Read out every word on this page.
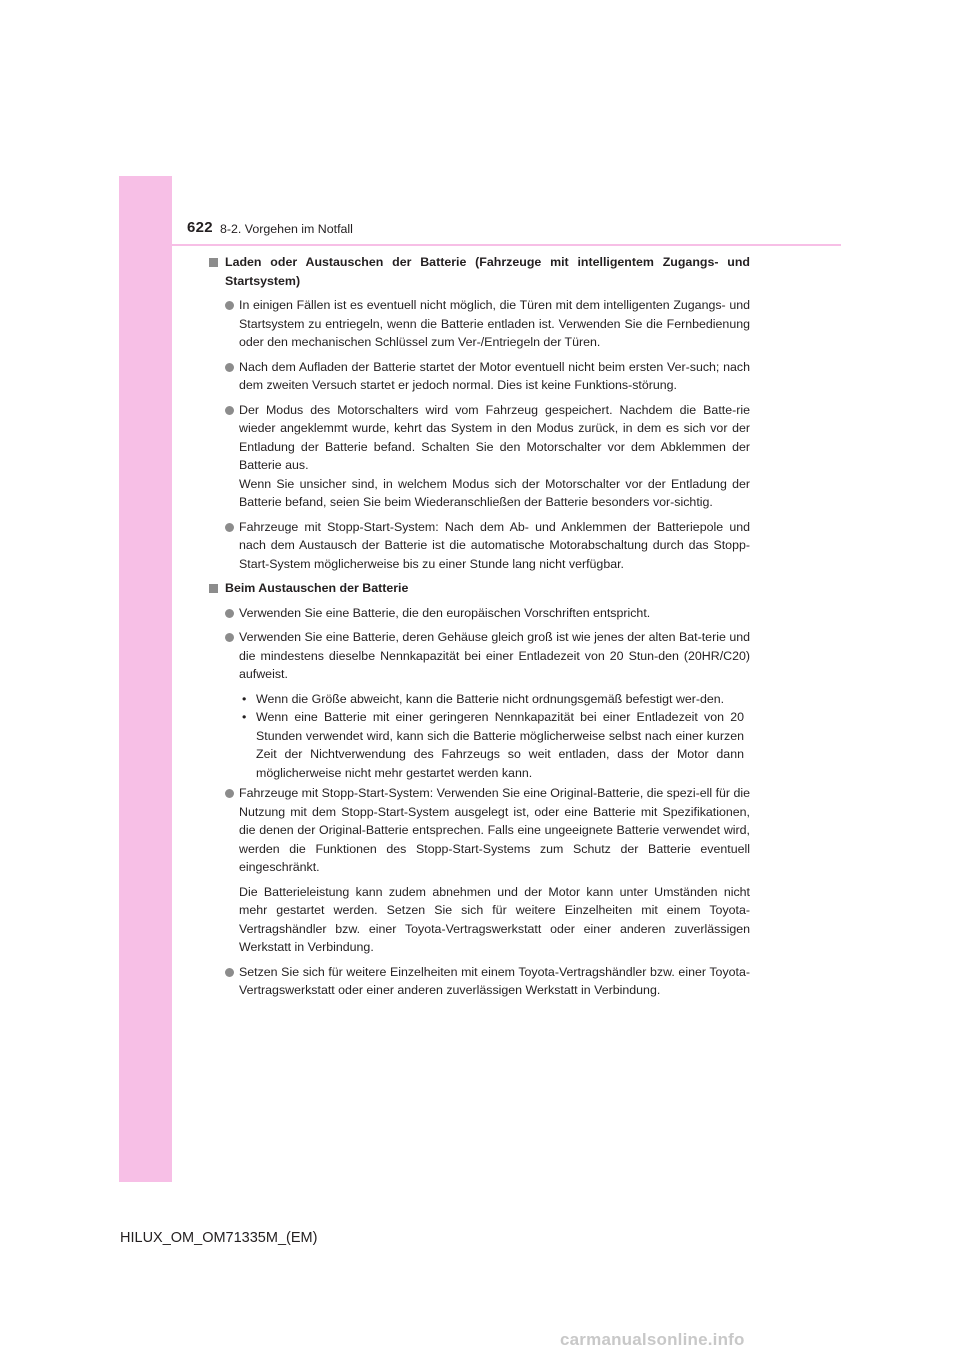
622 8-2. Vorgehen im Notfall
Laden oder Austauschen der Batterie (Fahrzeuge mit intelligentem Zugangs- und Startsystem)
In einigen Fällen ist es eventuell nicht möglich, die Türen mit dem intelligenten Zugangs- und Startsystem zu entriegeln, wenn die Batterie entladen ist. Verwenden Sie die Fernbedienung oder den mechanischen Schlüssel zum Ver-/Entriegeln der Türen.
Nach dem Aufladen der Batterie startet der Motor eventuell nicht beim ersten Ver-such; nach dem zweiten Versuch startet er jedoch normal. Dies ist keine Funktions-störung.
Der Modus des Motorschalters wird vom Fahrzeug gespeichert. Nachdem die Batte-rie wieder angeklemmt wurde, kehrt das System in den Modus zurück, in dem es sich vor der Entladung der Batterie befand. Schalten Sie den Motorschalter vor dem Abklemmen der Batterie aus.
Wenn Sie unsicher sind, in welchem Modus sich der Motorschalter vor der Entladung der Batterie befand, seien Sie beim Wiederanschließen der Batterie besonders vor-sichtig.
Fahrzeuge mit Stopp-Start-System: Nach dem Ab- und Anklemmen der Batteriepole und nach dem Austausch der Batterie ist die automatische Motorabschaltung durch das Stopp-Start-System möglicherweise bis zu einer Stunde lang nicht verfügbar.
Beim Austauschen der Batterie
Verwenden Sie eine Batterie, die den europäischen Vorschriften entspricht.
Verwenden Sie eine Batterie, deren Gehäuse gleich groß ist wie jenes der alten Bat-terie und die mindestens dieselbe Nennkapazität bei einer Entladezeit von 20 Stun-den (20HR/C20) aufweist.
• Wenn die Größe abweicht, kann die Batterie nicht ordnungsgemäß befestigt wer-den.
• Wenn eine Batterie mit einer geringeren Nennkapazität bei einer Entladezeit von 20 Stunden verwendet wird, kann sich die Batterie möglicherweise selbst nach einer kurzen Zeit der Nichtverwendung des Fahrzeugs so weit entladen, dass der Motor dann möglicherweise nicht mehr gestartet werden kann.
Fahrzeuge mit Stopp-Start-System: Verwenden Sie eine Original-Batterie, die spezi-ell für die Nutzung mit dem Stopp-Start-System ausgelegt ist, oder eine Batterie mit Spezifikationen, die denen der Original-Batterie entsprechen. Falls eine ungeeignete Batterie verwendet wird, werden die Funktionen des Stopp-Start-Systems zum Schutz der Batterie eventuell eingeschränkt.
Die Batterieleistung kann zudem abnehmen und der Motor kann unter Umständen nicht mehr gestartet werden. Setzen Sie sich für weitere Einzelheiten mit einem Toyota-Vertragshändler bzw. einer Toyota-Vertragswerkstatt oder einer anderen zuverlässigen Werkstatt in Verbindung.
Setzen Sie sich für weitere Einzelheiten mit einem Toyota-Vertragshändler bzw. einer Toyota-Vertragswerkstatt oder einer anderen zuverlässigen Werkstatt in Verbindung.
HILUX_OM_OM71335M_(EM)
carmanualsonline.info
